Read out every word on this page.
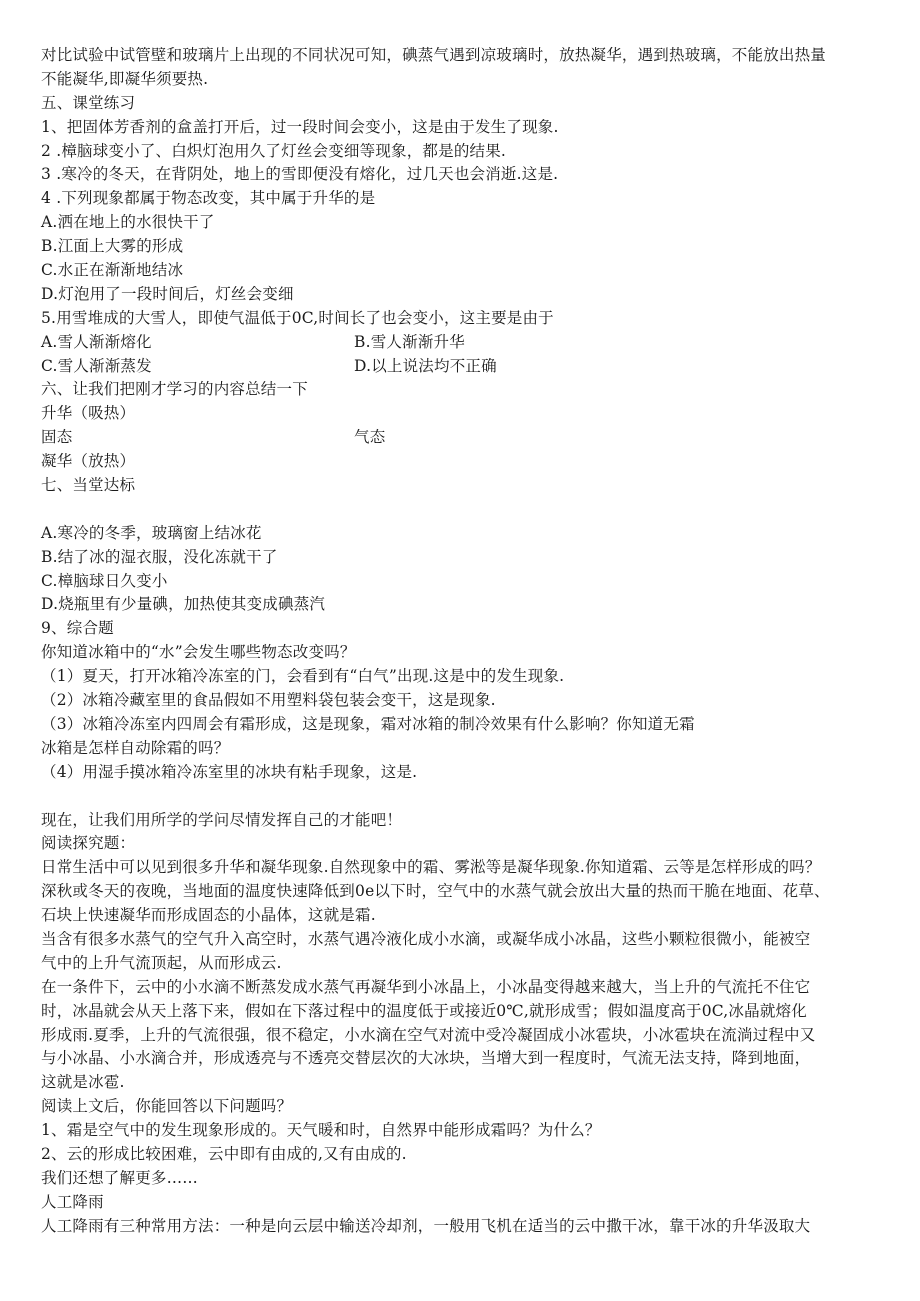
对比试验中试管壁和玻璃片上出现的不同状况可知，碘蒸气遇到凉玻璃时，放热凝华，遇到热玻璃，不能放出热量
不能凝华,即凝华须要热.
五、课堂练习
1、把固体芳香剂的盒盖打开后，过一段时间会变小，这是由于发生了现象.
2 .樟脑球变小了、白炽灯泡用久了灯丝会变细等现象，都是的结果.
3 .寒冷的冬天，在背阴处，地上的雪即便没有熔化，过几天也会消逝.这是.
4 .下列现象都属于物态改变，其中属于升华的是
A.洒在地上的水很快干了
B.江面上大雾的形成
C.水正在渐渐地结冰
D.灯泡用了一段时间后，灯丝会变细
5.用雪堆成的大雪人，即使气温低于0C,时间长了也会变小，这主要是由于
A.雪人渐渐熔化	B.雪人渐渐升华
C.雪人渐渐蒸发	D.以上说法均不正确
六、让我们把刚才学习的内容总结一下
升华（吸热）
固态	气态
凝华（放热）
七、当堂达标
A.寒冷的冬季，玻璃窗上结冰花
B.结了冰的湿衣服，没化冻就干了
C.樟脑球日久变小
D.烧瓶里有少量碘，加热使其变成碘蒸汽
9、综合题
你知道冰箱中的“水”会发生哪些物态改变吗？
（1）夏天，打开冰箱冷冻室的门，会看到有“白气”出现.这是中的发生现象.
（2）冰箱冷藏室里的食品假如不用塑料袋包装会变干，这是现象.
（3）冰箱冷冻室内四周会有霜形成，这是现象，霜对冰箱的制冷效果有什么影响？你知道无霜
冰箱是怎样自动除霜的吗？
（4）用湿手摸冰箱冷冻室里的冰块有粘手现象，这是.
现在，让我们用所学的学问尽情发挥自己的才能吧！
阅读探究题：
日常生活中可以见到很多升华和凝华现象.自然现象中的霜、雾淞等是凝华现象.你知道霜、云等是怎样形成的吗？
深秋或冬天的夜晚，当地面的温度快速降低到0e以下时，空气中的水蒸气就会放出大量的热而干脆在地面、花草、
石块上快速凝华而形成固态的小晶体，这就是霜.
当含有很多水蒸气的空气升入高空时，水蒸气遇冷液化成小水滴，或凝华成小冰晶，这些小颗粒很微小，能被空
气中的上升气流顶起，从而形成云.
在一条件下，云中的小水滴不断蒸发成水蒸气再凝华到小冰晶上，小冰晶变得越来越大，当上升的气流托不住它
时，冰晶就会从天上落下来，假如在下落过程中的温度低于或接近0℃,就形成雪；假如温度高于0C,冰晶就熔化
形成雨.夏季，上升的气流很强，很不稳定，小水滴在空气对流中受冷凝固成小冰雹块，小冰雹块在流淌过程中又
与小冰晶、小水滴合并，形成透亮与不透亮交替层次的大冰块，当增大到一程度时，气流无法支持，降到地面，
这就是冰雹.
阅读上文后，你能回答以下问题吗？
1、霜是空气中的发生现象形成的。天气暖和时，自然界中能形成霜吗？为什么？
2、云的形成比较困难，云中即有由成的,又有由成的.
我们还想了解更多……
人工降雨
人工降雨有三种常用方法：一种是向云层中输送冷却剂，一般用飞机在适当的云中撒干冰，靠干冰的升华汲取大
